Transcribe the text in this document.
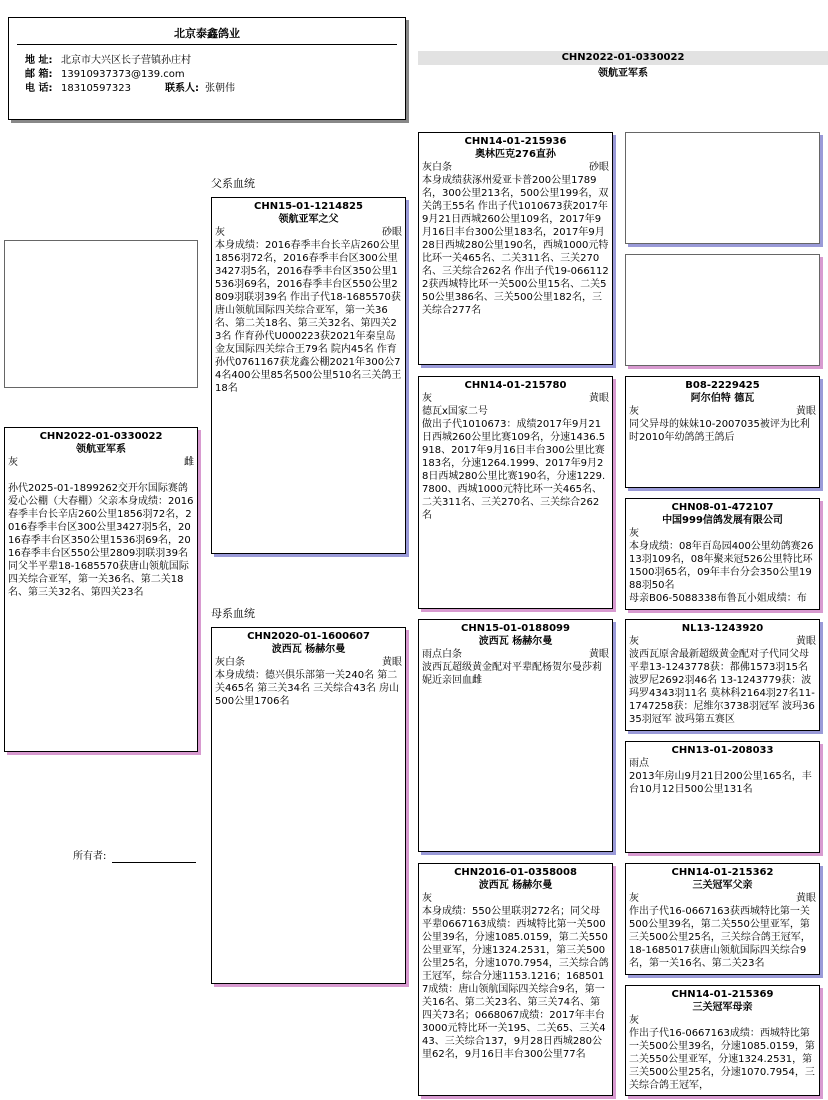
北京泰鑫鸽业
地 址: 北京市大兴区长子营镇孙庄村
邮 箱: 13910937373@139.com
电 话: 18310597323	联系人: 张朝伟
CHN2022-01-0330022
领航亚军系
父系血统
母系血统
CHN2022-01-0330022
领航亚军系
灰	雌
孙代2025-01-1899262交开尔国际赛鸽爱心公棚（大春棚）父亲本身成绩：2016春季丰台长辛店260公里1856羽72名，2016春季丰台区300公里3427羽5名，2016春季丰台区350公里1536羽69名，2016春季丰台区550公里2809羽联羽39名 同父半平辈18-1685570获唐山领航国际四关综合亚军，第一关36名、第二关18名、第三关32名、第四关23名
CHN15-01-1214825
领航亚军之父
灰	砂眼
本身成绩：2016春季丰台长辛店260公里1856羽72名，2016春季丰台区300公里3427羽5名，2016春季丰台区350公里1536羽69名，2016春季丰台区550公里2809羽联羽39名 作出子代18-1685570获唐山领航国际四关综合亚军，第一关36名、第二关18名、第三关32名、第四关23名 作育孙代U000223获2021年秦皇岛金友国际四关综合王79名 院内45名 作育孙代0761167获龙鑫公棚2021年300公74名400公里85名500公里510名三关鸽王18名
CHN2020-01-1600607
波西瓦 杨赫尔曼
灰白条	黄眼
本身成绩：德兴俱乐部第一关240名 第二关465名 第三关34名 三关综合43名 房山500公里1706名
CHN14-01-215936
奥林匹克276直孙
灰白条	砂眼
本身成绩获涿州爱亚卡普200公里1789名，300公里213名，500公里199名，双关鸽王55名 作出子代1010673获2017年9月21日西城260公里109名，2017年9月16日丰台300公里183名，2017年9月28日西城280公里190名，西城1000元特比环一关465名、二关311名、三关270名、三关综合262名 作出子代19-0661122获西城特比环一关500公里15名、二关550公里386名、三关500公里182名，三关综合277名
CHN14-01-215780
灰	黄眼
德瓦x国家二号
做出子代1010673：成绩2017年9月21日西城260公里比赛109名，分速1436.5918、2017年9月16日丰台300公里比赛183名，分速1264.1999、2017年9月28日西城280公里比赛190名，分速1229.7800、西城1000元特比环一关465名、二关311名、三关270名、三关综合262名
CHN15-01-0188099
波西瓦 杨赫尔曼
雨点白条	黄眼
波西瓦超级黄金配对平辈配杨贺尔曼莎莉妮近亲回血雌
CHN2016-01-0358008
波西瓦 杨赫尔曼
灰
本身成绩：550公里联羽272名；同父母平辈0667163成绩：西城特比第一关500公里39名，分速1085.0159，第二关550公里亚军，分速1324.2531，第三关500公里25名，分速1070.7954，三关综合鸽王冠军，综合分速1153.1216；1685017成绩：唐山领航国际四关综合9名，第一关16名、第二关23名、第三关74名、第四关73名；0668067成绩：2017年丰台3000元特比环一关195、二关65、三关443、三关综合137，9月28日西城280公里62名，9月16日丰台300公里77名
B08-2229425
阿尔伯特 德瓦
灰	黄眼
同父异母的妹妹10-2007035被评为比利时2010年幼鸽鸽王鸽后
CHN08-01-472107
中国999信鸽发展有限公司
灰
本身成绩：08年百岛园400公里幼鸽赛2613羽109名，08年聚来冠526公里特比环1500羽65名，09年丰台分会350公里1988羽50名
母亲B06-5088338布鲁瓦小姐成绩：布
NL13-1243920
灰	黄眼
波西瓦原舍最新超级黄金配对子代同父母平辈13-1243778获：都佛1573羽15名 波罗尼2692羽46名 13-1243779获：波玛罗4343羽11名 莫林科2164羽27名11-1747258获：尼维尔3738羽冠军 波玛3635羽冠军 波玛第五赛区
CHN13-01-208033
雨点
2013年房山9月21日200公里165名，丰台10月12日500公里131名
CHN14-01-215362
三关冠军父亲
灰	黄眼
作出子代16-0667163获西城特比第一关500公里39名，第二关550公里亚军，第三关500公里25名，三关综合鸽王冠军，18-1685017获唐山领航国际四关综合9名，第一关16名、第二关23名
CHN14-01-215369
三关冠军母亲
灰
作出子代16-0667163成绩：西城特比第一关500公里39名，分速1085.0159，第二关550公里亚军，分速1324.2531，第三关500公里25名，分速1070.7954，三关综合鸽王冠军，
所有者:
